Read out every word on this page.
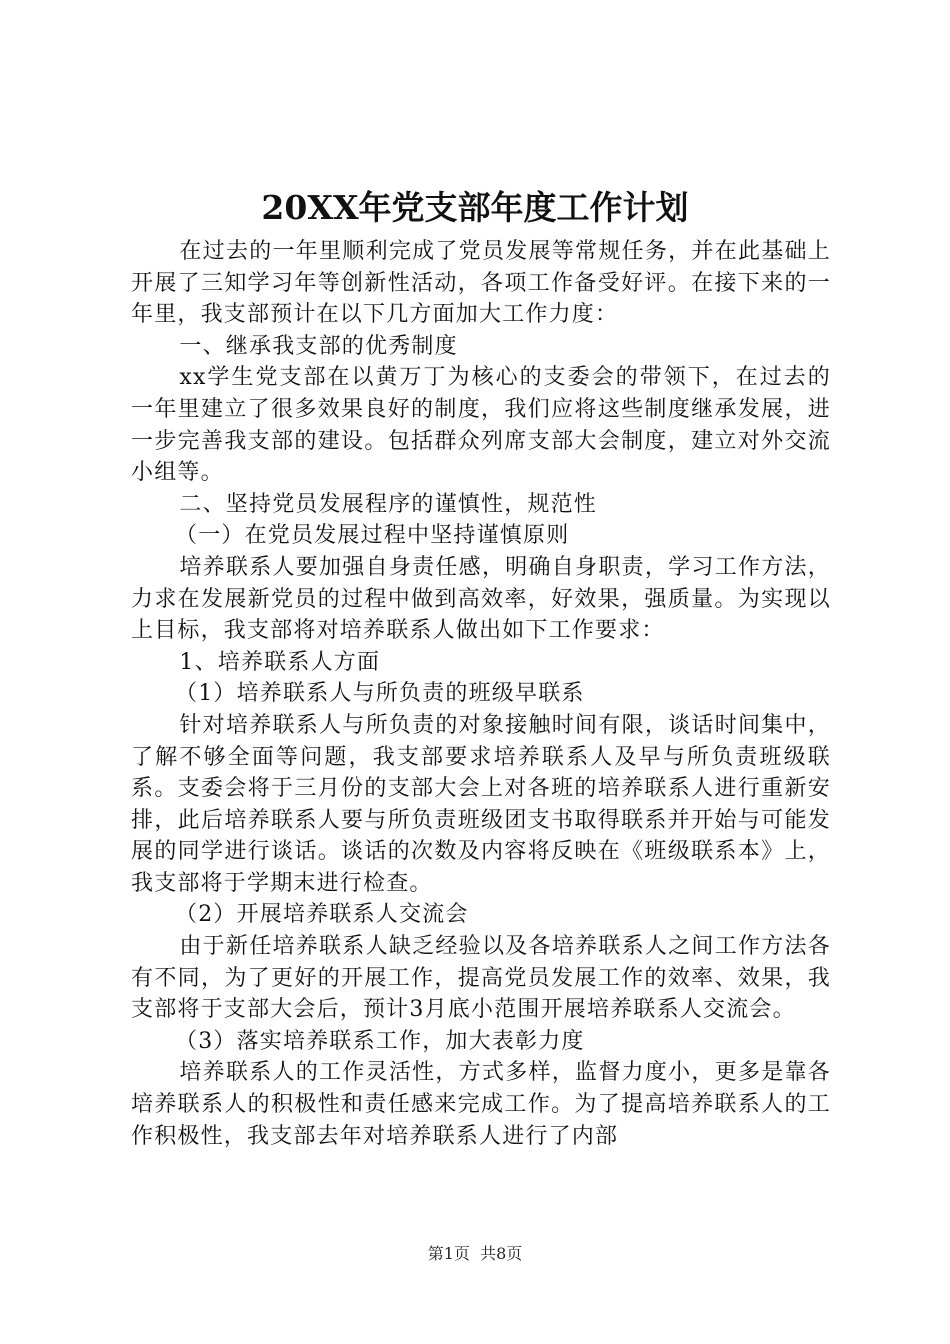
20XX年党支部年度工作计划

在过去的一年里顺利完成了党员发展等常规任务，并在此基础上开展了三知学习年等创新性活动，各项工作备受好评。在接下来的一年里，我支部预计在以下几方面加大工作力度：

一、继承我支部的优秀制度

xx学生党支部在以黄万丁为核心的支委会的带领下，在过去的一年里建立了很多效果良好的制度，我们应将这些制度继承发展，进一步完善我支部的建设。包括群众列席支部大会制度，建立对外交流小组等。

二、坚持党员发展程序的谨慎性，规范性

（一）在党员发展过程中坚持谨慎原则

培养联系人要加强自身责任感，明确自身职责，学习工作方法，力求在发展新党员的过程中做到高效率，好效果，强质量。为实现以上目标，我支部将对培养联系人做出如下工作要求：

1、培养联系人方面

（1）培养联系人与所负责的班级早联系

针对培养联系人与所负责的对象接触时间有限，谈话时间集中，了解不够全面等问题，我支部要求培养联系人及早与所负责班级联系。支委会将于三月份的支部大会上对各班的培养联系人进行重新安排，此后培养联系人要与所负责班级团支书取得联系并开始与可能发展的同学进行谈话。谈话的次数及内容将反映在《班级联系本》上，我支部将于学期末进行检查。

（2）开展培养联系人交流会

由于新任培养联系人缺乏经验以及各培养联系人之间工作方法各有不同，为了更好的开展工作，提高党员发展工作的效率、效果，我支部将于支部大会后，预计3月底小范围开展培养联系人交流会。

（3）落实培养联系工作，加大表彰力度

培养联系人的工作灵活性，方式多样，监督力度小，更多是靠各培养联系人的积极性和责任感来完成工作。为了提高培养联系人的工作积极性，我支部去年对培养联系人进行了内部

第1页 共8页
